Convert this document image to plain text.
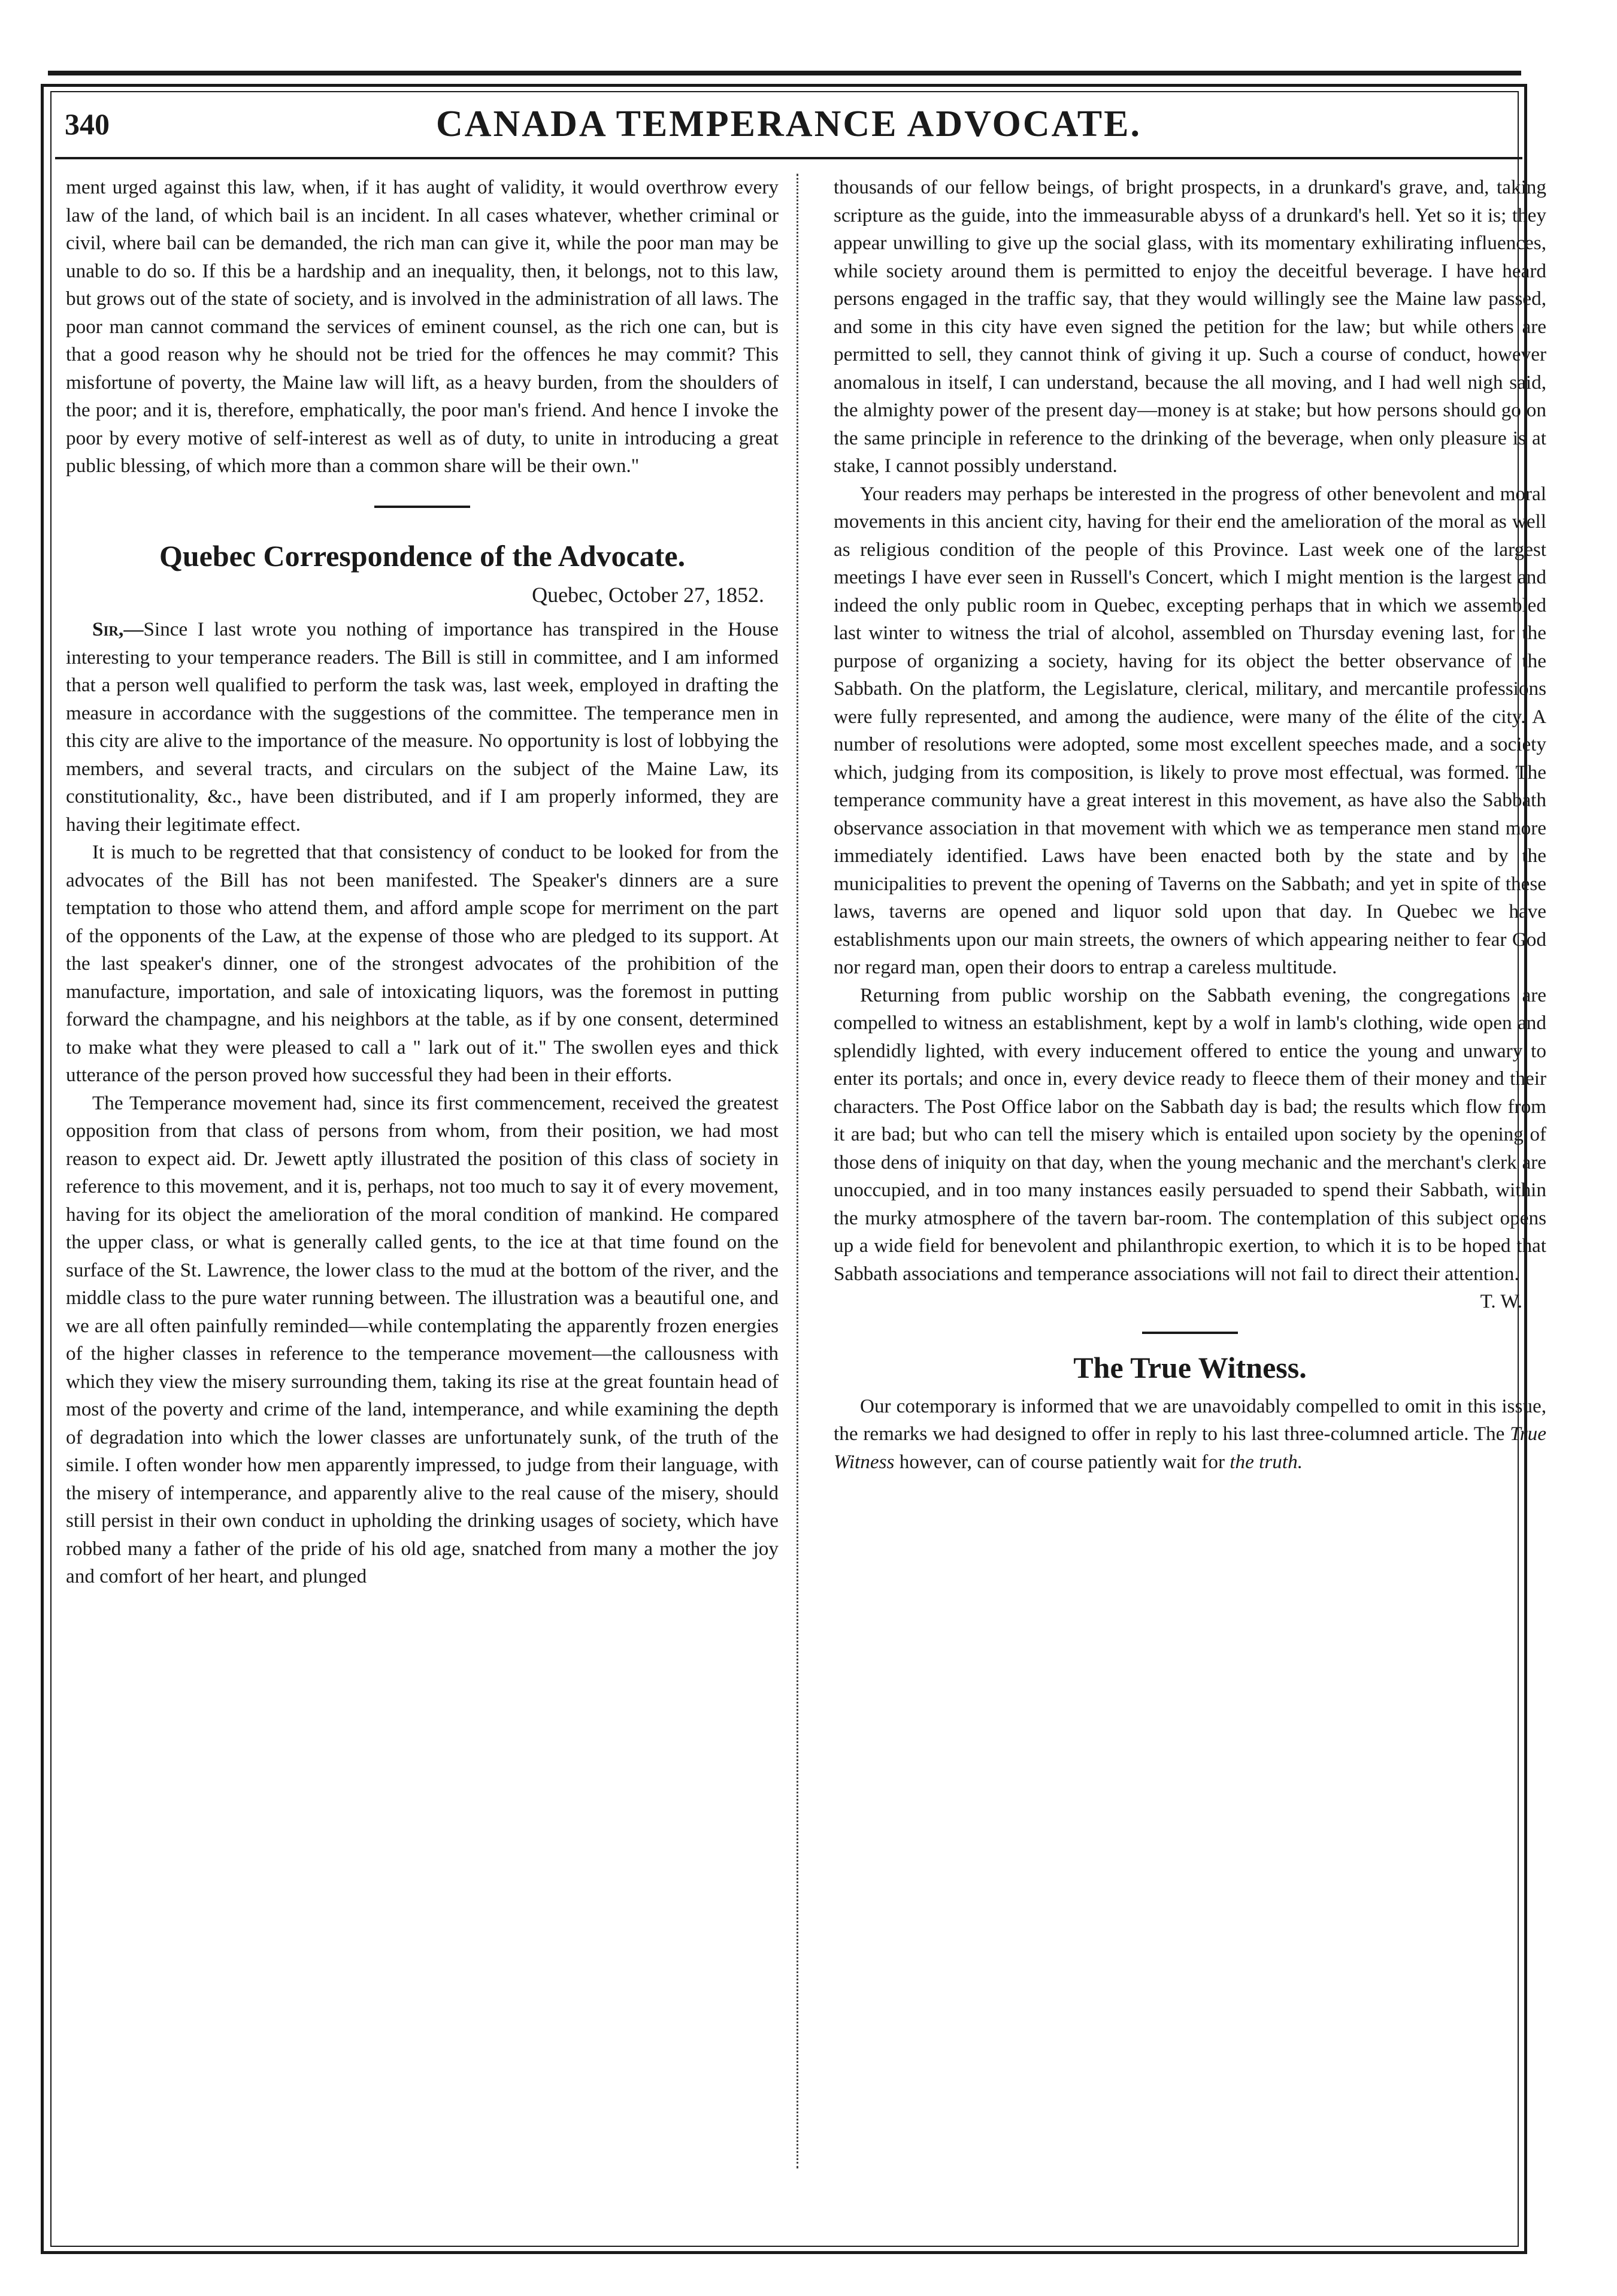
340	CANADA TEMPERANCE ADVOCATE.

ment urged against this law, when, if it has aught of validity, it would overthrow every law of the land, of which bail is an incident. In all cases whatever, whether criminal or civil, where bail can be demanded, the rich man can give it, while the poor man may be unable to do so. If this be a hardship and an inequality, then, it belongs, not to this law, but grows out of the state of society, and is involved in the administration of all laws. The poor man cannot command the services of eminent counsel, as the rich one can, but is that a good reason why he should not be tried for the offences he may commit? This misfortune of poverty, the Maine law will lift, as a heavy burden, from the shoulders of the poor; and it is, therefore, emphatically, the poor man's friend. And hence I invoke the poor by every motive of self-interest as well as of duty, to unite in introducing a great public blessing, of which more than a common share will be their own."

Quebec Correspondence of the Advocate.
Quebec, October 27, 1852.

Sir,—Since I last wrote you nothing of importance has transpired in the House interesting to your temperance readers. The Bill is still in committee, and I am informed that a person well qualified to perform the task was, last week, employed in drafting the measure in accordance with the suggestions of the committee. The temperance men in this city are alive to the importance of the measure. No opportunity is lost of lobbying the members, and several tracts, and circulars on the subject of the Maine Law, its constitutionality, &c., have been distributed, and if I am properly informed, they are having their legitimate effect.

It is much to be regretted that that consistency of conduct to be looked for from the advocates of the Bill has not been manifested. The Speaker's dinners are a sure temptation to those who attend them, and afford ample scope for merriment on the part of the opponents of the Law, at the expense of those who are pledged to its support. At the last speaker's dinner, one of the strongest advocates of the prohibition of the manufacture, importation, and sale of intoxicating liquors, was the foremost in putting forward the champagne, and his neighbors at the table, as if by one consent, determined to make what they were pleased to call a " lark out of it." The swollen eyes and thick utterance of the person proved how successful they had been in their efforts.

The Temperance movement had, since its first commencement, received the greatest opposition from that class of persons from whom, from their position, we had most reason to expect aid. Dr. Jewett aptly illustrated the position of this class of society in reference to this movement, and it is, perhaps, not too much to say it of every movement, having for its object the amelioration of the moral condition of mankind. He compared the upper class, or what is generally called gents, to the ice at that time found on the surface of the St. Lawrence, the lower class to the mud at the bottom of the river, and the middle class to the pure water running between. The illustration was a beautiful one, and we are all often painfully reminded—while contemplating the apparently frozen energies of the higher classes in reference to the temperance movement—the callousness with which they view the misery surrounding them, taking its rise at the great fountain head of most of the poverty and crime of the land, intemperance, and while examining the depth of degradation into which the lower classes are unfortunately sunk, of the truth of the simile. I often wonder how men apparently impressed, to judge from their language, with the misery of intemperance, and apparently alive to the real cause of the misery, should still persist in their own conduct in upholding the drinking usages of society, which have robbed many a father of the pride of his old age, snatched from many a mother the joy and comfort of her heart, and plunged

thousands of our fellow beings, of bright prospects, in a drunkard's grave, and, taking scripture as the guide, into the immeasurable abyss of a drunkard's hell. Yet so it is; they appear unwilling to give up the social glass, with its momentary exhilirating influences, while society around them is permitted to enjoy the deceitful beverage. I have heard persons engaged in the traffic say, that they would willingly see the Maine law passed, and some in this city have even signed the petition for the law; but while others are permitted to sell, they cannot think of giving it up. Such a course of conduct, however anomalous in itself, I can understand, because the all moving, and I had well nigh said, the almighty power of the present day—money is at stake; but how persons should go on the same principle in reference to the drinking of the beverage, when only pleasure is at stake, I cannot possibly understand.

Your readers may perhaps be interested in the progress of other benevolent and moral movements in this ancient city, having for their end the amelioration of the moral as well as religious condition of the people of this Province. Last week one of the largest meetings I have ever seen in Russell's Concert, which I might mention is the largest and indeed the only public room in Quebec, excepting perhaps that in which we assembled last winter to witness the trial of alcohol, assembled on Thursday evening last, for the purpose of organizing a society, having for its object the better observance of the Sabbath. On the platform, the Legislature, clerical, military, and mercantile professions were fully represented, and among the audience, were many of the élite of the city. A number of resolutions were adopted, some most excellent speeches made, and a society which, judging from its composition, is likely to prove most effectual, was formed. The temperance community have a great interest in this movement, as have also the Sabbath observance association in that movement with which we as temperance men stand more immediately identified. Laws have been enacted both by the state and by the municipalities to prevent the opening of Taverns on the Sabbath; and yet in spite of these laws, taverns are opened and liquor sold upon that day. In Quebec we have establishments upon our main streets, the owners of which appearing neither to fear God nor regard man, open their doors to entrap a careless multitude.

Returning from public worship on the Sabbath evening, the congregations are compelled to witness an establishment, kept by a wolf in lamb's clothing, wide open and splendidly lighted, with every inducement offered to entice the young and unwary to enter its portals; and once in, every device ready to fleece them of their money and their characters. The Post Office labor on the Sabbath day is bad; the results which flow from it are bad; but who can tell the misery which is entailed upon society by the opening of those dens of iniquity on that day, when the young mechanic and the merchant's clerk are unoccupied, and in too many instances easily persuaded to spend their Sabbath, within the murky atmosphere of the tavern bar-room. The contemplation of this subject opens up a wide field for benevolent and philanthropic exertion, to which it is to be hoped that Sabbath associations and temperance associations will not fail to direct their attention.

T. W.
The True Witness.

Our cotemporary is informed that we are unavoidably compelled to omit in this issue, the remarks we had designed to offer in reply to his last three-columned article. The True Witness however, can of course patiently wait for the truth.
